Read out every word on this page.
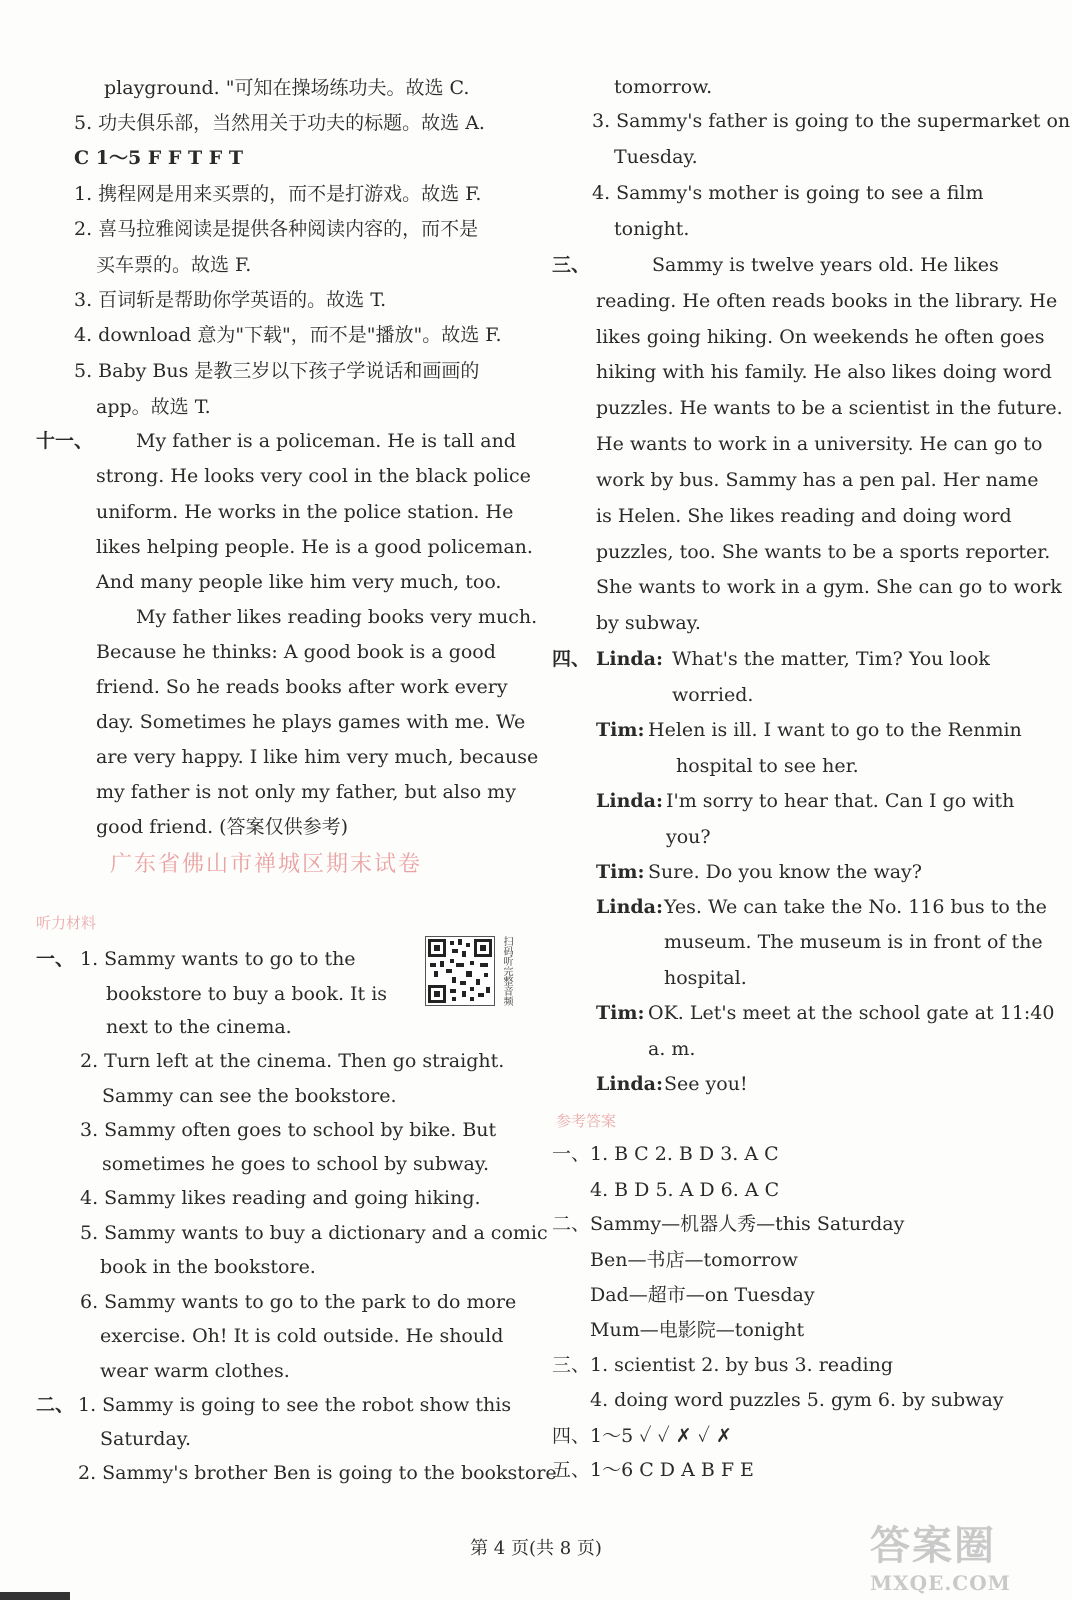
playground. "可知在操场练功夫。故选 C.
5. 功夫俱乐部，当然用关于功夫的标题。故选 A.
C 1～5 F F T F T
1. 携程网是用来买票的，而不是打游戏。故选 F.
2. 喜马拉雅阅读是提供各种阅读内容的，而不是
买车票的。故选 F.
3. 百词斩是帮助你学英语的。故选 T.
4. download 意为"下载"，而不是"播放"。故选 F.
5. Baby Bus 是教三岁以下孩子学说话和画画的
app。故选 T.
十一、 My father is a policeman. He is tall and
strong. He looks very cool in the black police
uniform. He works in the police station. He
likes helping people. He is a good policeman.
And many people like him very much, too.
My father likes reading books very much.
Because he thinks: A good book is a good
friend. So he reads books after work every
day. Sometimes he plays games with me. We
are very happy. I like him very much, because
my father is not only my father, but also my
good friend. (答案仅供参考)
广东省佛山市禅城区期末试卷
听力材料
扫码听完整音频
一、 1. Sammy wants to go to the
bookstore to buy a book. It is
next to the cinema.
2. Turn left at the cinema. Then go straight.
Sammy can see the bookstore.
3. Sammy often goes to school by bike. But
sometimes he goes to school by subway.
4. Sammy likes reading and going hiking.
5. Sammy wants to buy a dictionary and a comic
book in the bookstore.
6. Sammy wants to go to the park to do more
exercise. Oh! It is cold outside. He should
wear warm clothes.
二、 1. Sammy is going to see the robot show this
Saturday.
2. Sammy's brother Ben is going to the bookstore
tomorrow.
3. Sammy's father is going to the supermarket on
Tuesday.
4. Sammy's mother is going to see a film
tonight.
三、	Sammy is twelve years old. He likes
reading. He often reads books in the library. He
likes going hiking. On weekends he often goes
hiking with his family. He also likes doing word
puzzles. He wants to be a scientist in the future.
He wants to work in a university. He can go to
work by bus. Sammy has a pen pal. Her name
is Helen. She likes reading and doing word
puzzles, too. She wants to be a sports reporter.
She wants to work in a gym. She can go to work
by subway.
四、 Linda: What's the matter, Tim? You look
worried.
Tim: Helen is ill. I want to go to the Renmin
hospital to see her.
Linda: I'm sorry to hear that. Can I go with
you?
Tim: Sure. Do you know the way?
Linda: Yes. We can take the No. 116 bus to the
museum. The museum is in front of the
hospital.
Tim: OK. Let's meet at the school gate at 11:40
a. m.
Linda: See you!
参考答案
一、1. B C 2. B D 3. A C
4. B D 5. A D 6. A C
二、Sammy—机器人秀—this Saturday
Ben—书店—tomorrow
Dad—超市—on Tuesday
Mum—电影院—tonight
三、1. scientist 2. by bus 3. reading
4. doing word puzzles 5. gym 6. by subway
四、1～5 ✓ ✓ ✗ ✓ ✗
五、1～6 C D A B F E
第 4 页(共 8 页)	答案圈
MXQE.COM
